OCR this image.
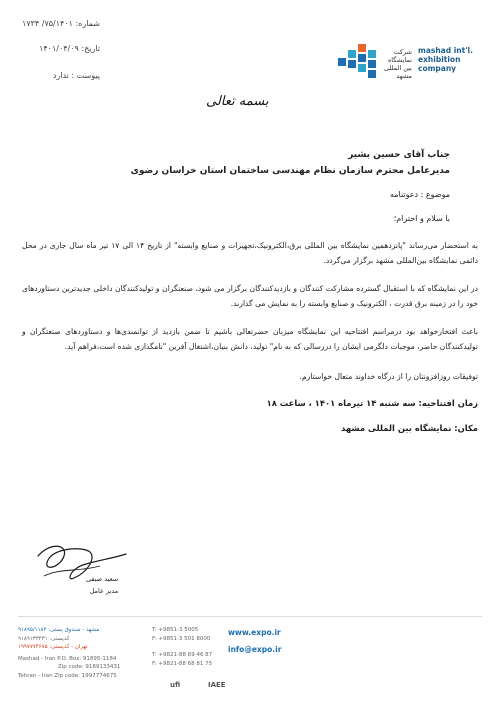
شماره: ۷۵/۱۴۰۱/ ۱۷۳۴
تاریخ: ۱۴۰۱/۰۴/۰۹
پیوست : ندارد
شرکت نمایشگاه بین المللی مشهد
mashad int'l. exhibition company
بسمه تعالی
جناب آقای حسین بشیر
مدیرعامل محترم سازمان نظام مهندسی ساختمان استان خراسان رضوی
موضوع : دعوتنامه
با سلام و احترام؛
به استحضار می‌رساند "پانزدهمین نمایشگاه بین المللی برق،الکترونیک،تجهیزات و صنایع وابسته" از تاریخ ۱۴ الی ۱۷ تیر ماه سال جاری در محل دائمی نمایشگاه بین‌المللی مشهد برگزار می‌گردد.
در این نمایشگاه که با استقبال گسترده مشارکت کنندگان و بازدیدکنندگان برگزار می شود، صنعتگران و تولیدکنندگان داخلی جدیدترین دستاوردهای خود را در زمینه برق قدرت ، الکترونیک و صنایع وابسته را به نمایش می گذارند.
باعث افتخارخواهد بود درمراسم افتتاحیه این نمایشگاه میزبان حضرتعالی باشیم تا ضمن بازدید از توانمندی‌ها و دستاوردهای صنعتگران و تولیدکنندگان حاضر، موجبات دلگرمی ایشان را دررسالی که به نام" تولید، دانش بنیان،اشتغال آفرین "نامگذاری شده است،فراهم آید.
توفیقات روزافزونتان را از درگاه خداوند متعال خواستارم.
زمان افتتاحیه: سه شنبه ۱۴ تیرماه ۱۴۰۱ ، ساعت ۱۸
مکان: نمایشگاه بین المللی مشهد
سعید صیفی
مدیر عامل
مشهد - صندوق پستی: ۹۱۸۹۵/۱۱۸۴
کدپستی: ۹۱۸۹۱۳۳۴۳۱
تهران - کدپستی: ۱۹۹۷۷۷۴۶۷۵
Mashad - Iran P.O. Box: 91895-1184
Zip code: 9189133431
Tehran - Iran Zip code: 1997774675
T: +9851-3 5005
F: +9851-3 501 8000
T: +9821-88 69 46 87
F: +9821-88 68 81 75
www.expo.ir
info@expo.ir
ufi	IAEE
